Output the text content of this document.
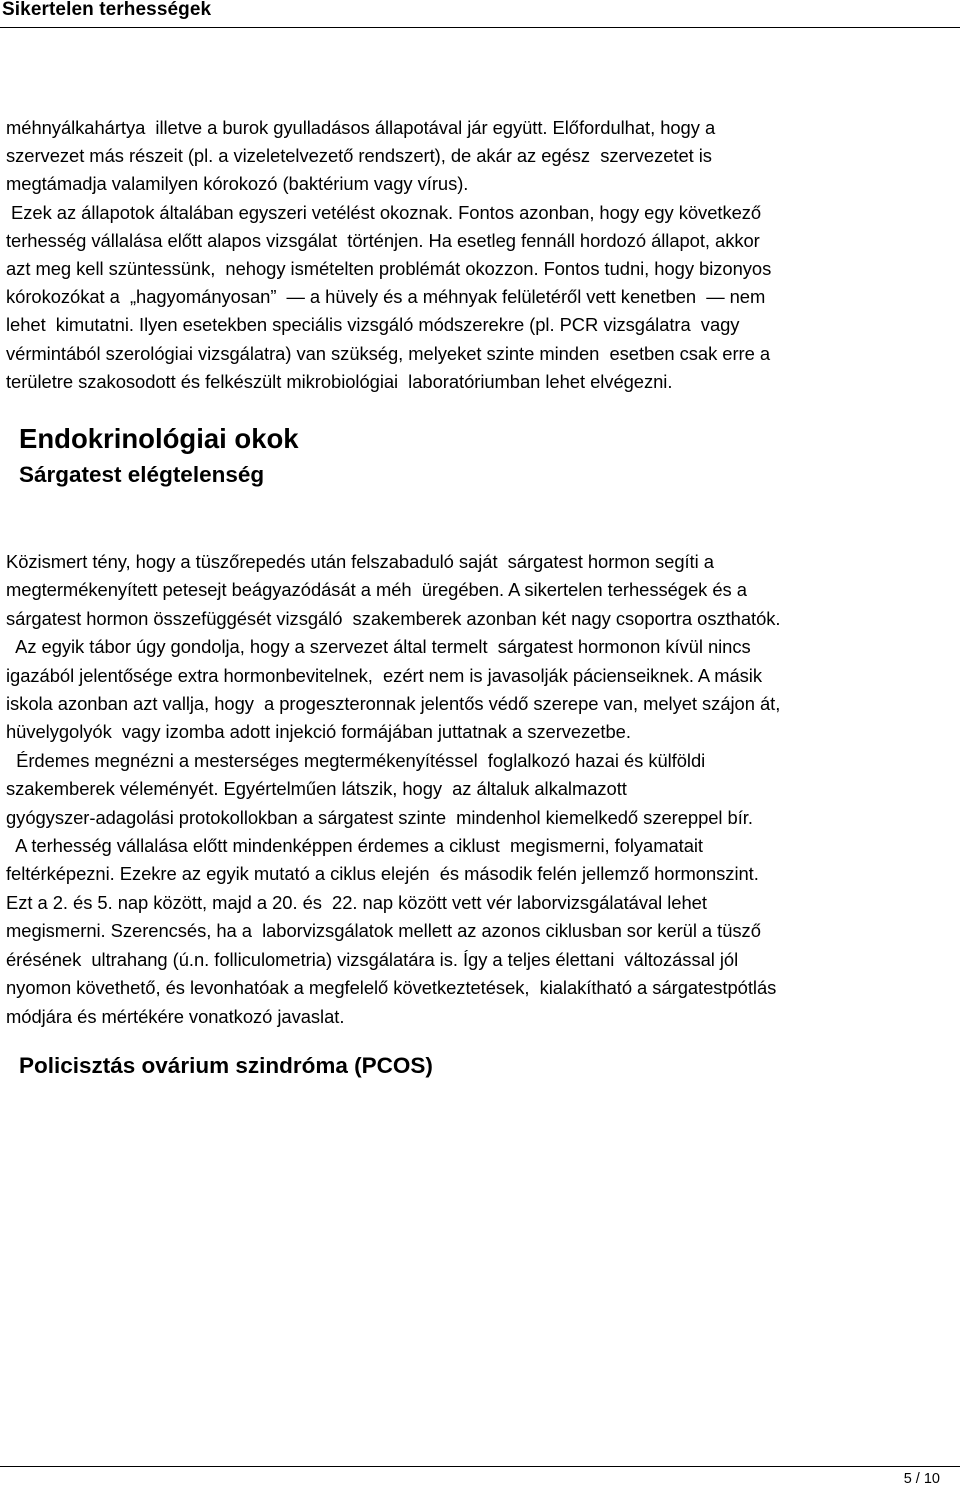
Sikertelen terhességek
méhnyálkahártya  illetve a burok gyulladásos állapotával jár együtt. Előfordulhat, hogy a
szervezet más részeit (pl. a vizeletelvezető rendszert), de akár az egész  szervezetet is
megtámadja valamilyen kórokozó (baktérium vagy vírus).
Ezek az állapotok általában egyszeri vetélést okoznak. Fontos azonban, hogy egy következő
terhesség vállalása előtt alapos vizsgálat  történjen. Ha esetleg fennáll hordozó állapot, akkor
azt meg kell szüntessünk,  nehogy ismételten problémát okozzon. Fontos tudni, hogy bizonyos
kórokozókat a  „hagyományosan”  — a hüvely és a méhnyak felületéről vett kenetben  — nem
lehet  kimutatni. Ilyen esetekben speciális vizsgáló módszerekre (pl. PCR vizsgálatra  vagy
vérmintából szerológiai vizsgálatra) van szükség, melyeket szinte minden  esetben csak erre a
területre szakosodott és felkészült mikrobiológiai  laboratóriumban lehet elvégezni.
Endokrinológiai okok
Sárgatest elégtelenség
Közismert tény, hogy a tüszőrepedés után felszabaduló saját  sárgatest hormon segíti a
megtermékenyített petesejt beágyazódását a méh  üregében. A sikertelen terhességek és a
sárgatest hormon összefüggését vizsgáló  szakemberek azonban két nagy csoportra oszthatók.
Az egyik tábor úgy gondolja, hogy a szervezet által termelt  sárgatest hormonon kívül nincs
igazából jelentősége extra hormonbevitelnek,  ezért nem is javasolják pácienseiknek. A másik
iskola azonban azt vallja, hogy  a progeszteronnak jelentős védő szerepe van, melyet szájon át,
hüvelygolyók  vagy izomba adott injekció formájában juttatnak a szervezetbe.
Érdemes megnézni a mesterséges megtermékenyítéssel  foglalkozó hazai és külföldi
szakemberek véleményét. Egyértelműen látszik, hogy  az általuk alkalmazott
gyógyszer-adagolási protokollokban a sárgatest szinte  mindenhol kiemelkedő szereppel bír.
A terhesség vállalása előtt mindenképpen érdemes a ciklust  megismerni, folyamatait
feltérképezni. Ezekre az egyik mutató a ciklus elején  és második felén jellemző hormonszint.
Ezt a 2. és 5. nap között, majd a 20. és  22. nap között vett vér laborvizsgálatával lehet
megismerni. Szerencsés, ha a  laborvizsgálatok mellett az azonos ciklusban sor kerül a tüsző
érésének  ultrahang (ú.n. folliculometria) vizsgálatára is. Így a teljes élettani  változással jól
nyomon követhető, és levonhatóak a megfelelő következtetések,  kialakítható a sárgatestpótlás
módjára és mértékére vonatkozó javaslat.
Policisztás ovárium szindróma (PCOS)
5 / 10
